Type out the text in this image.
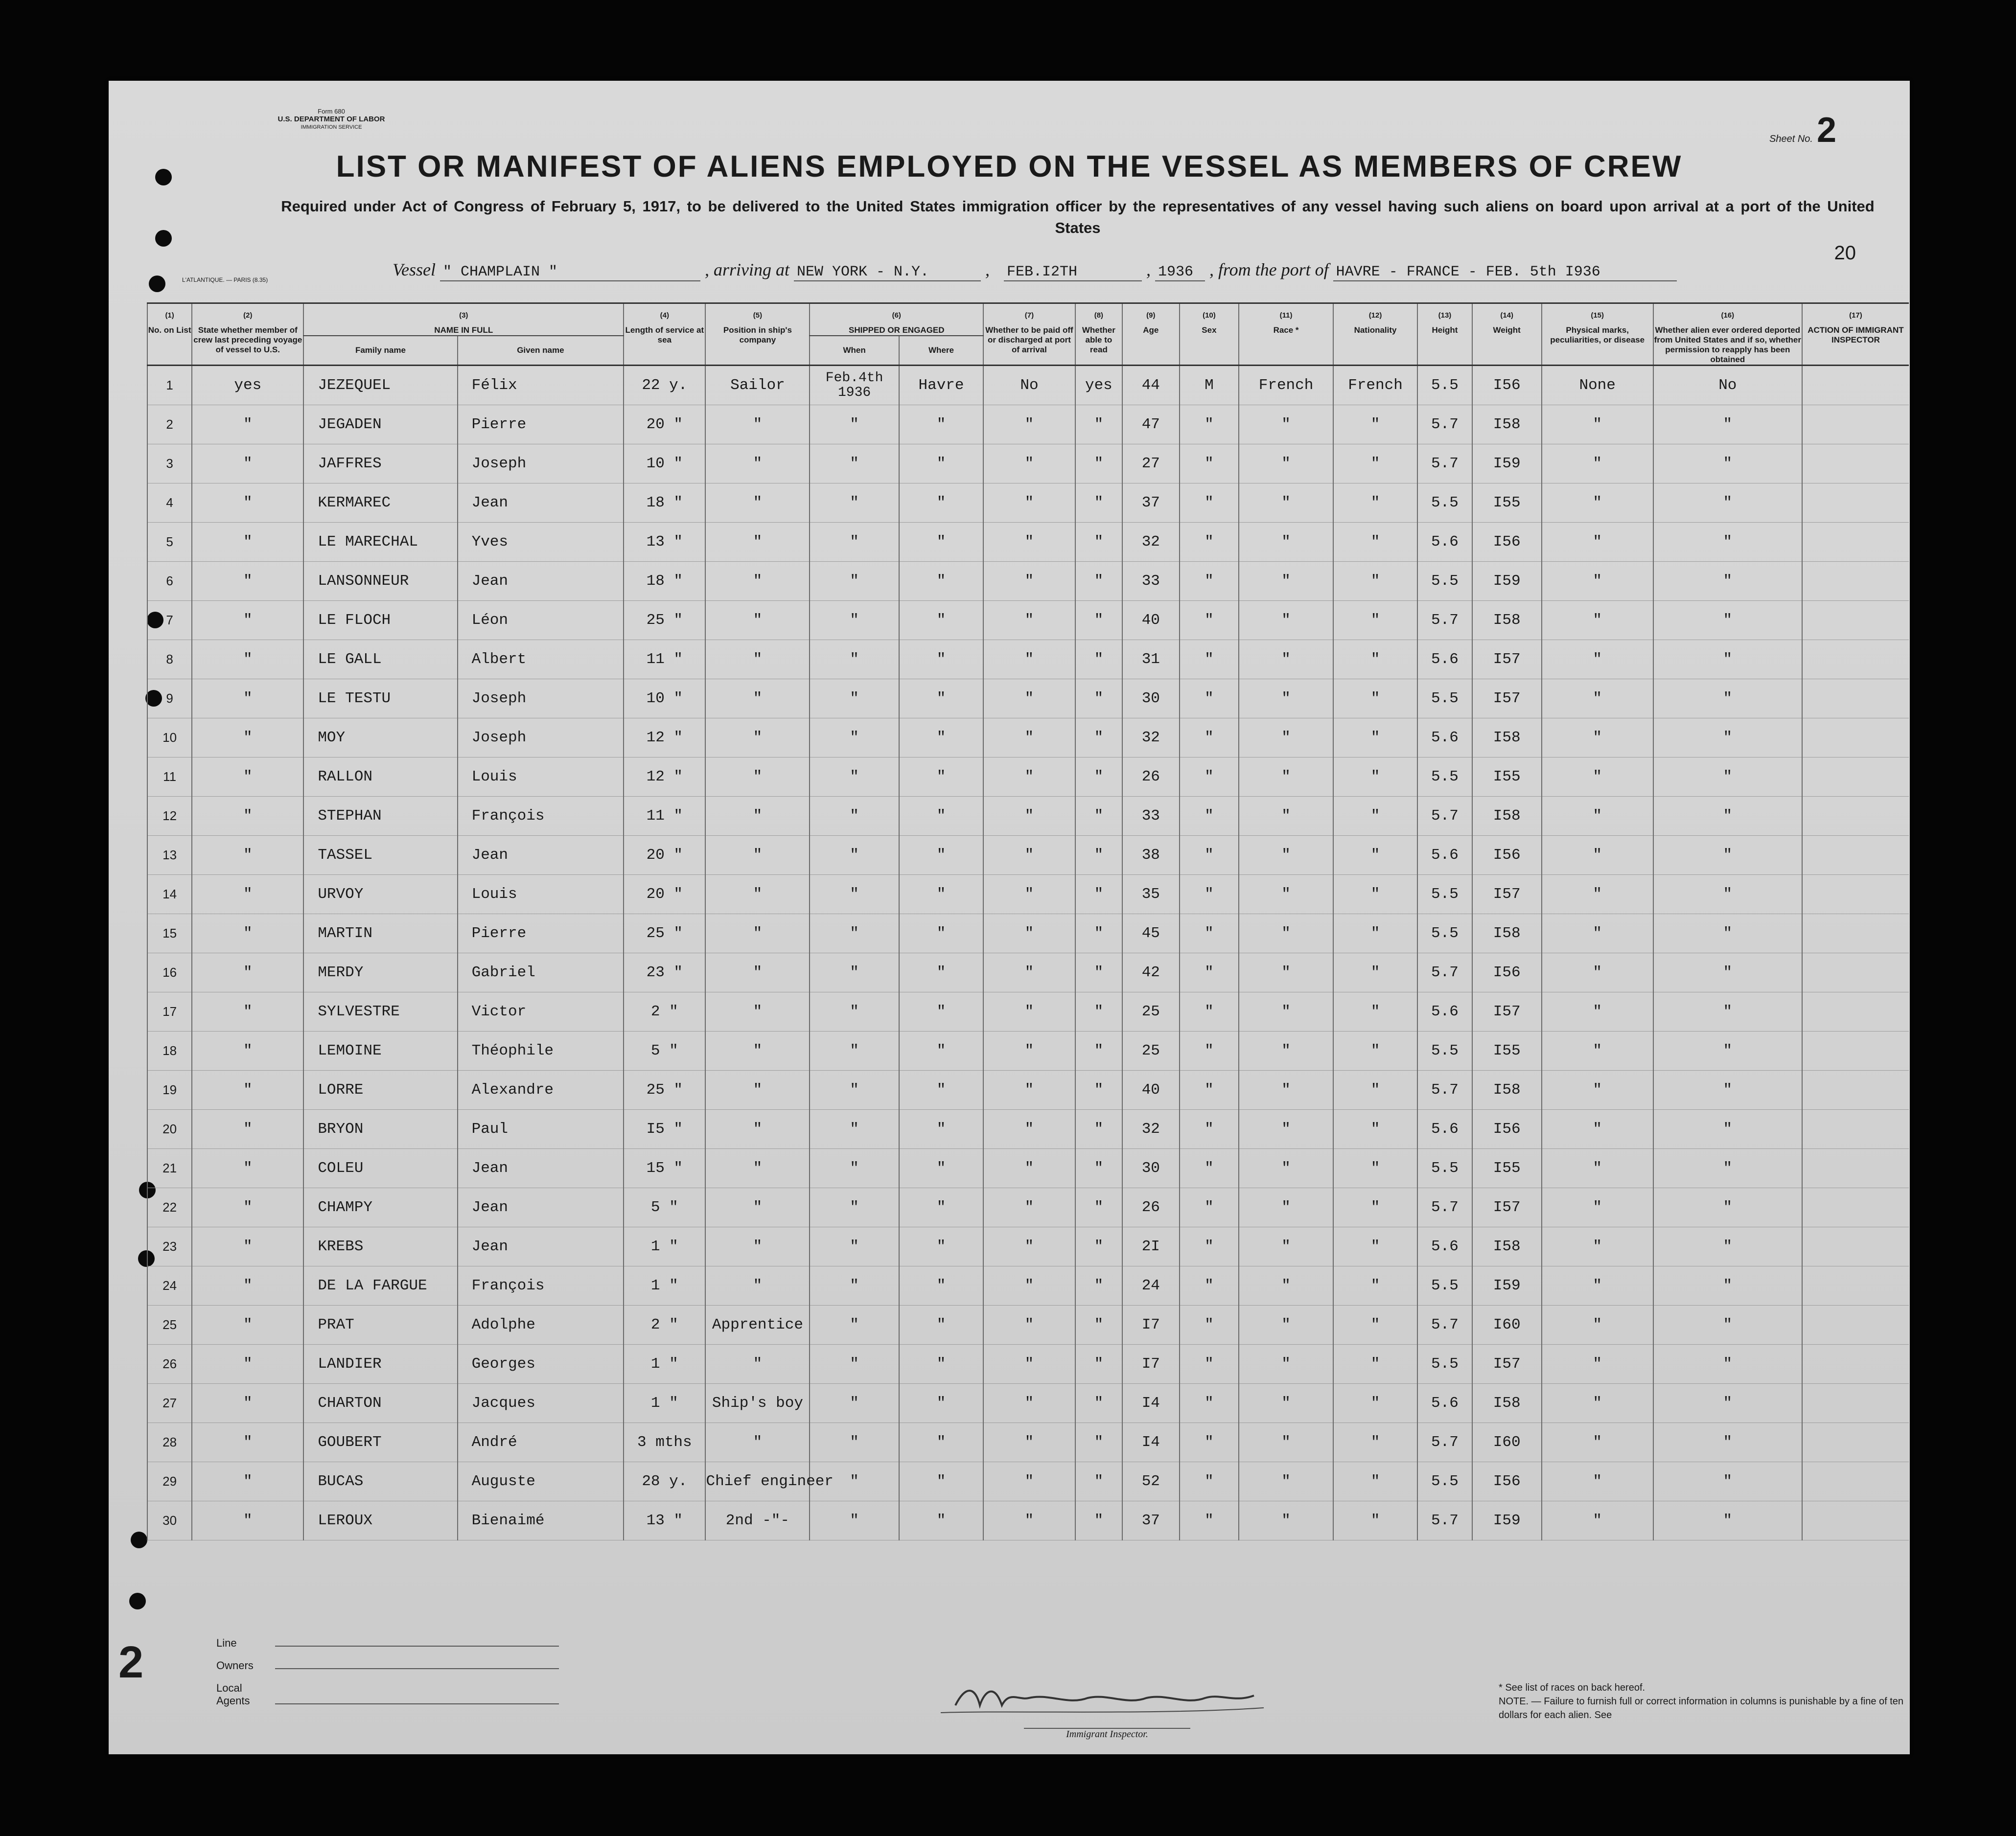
Form 680
U.S. DEPARTMENT OF LABOR
IMMIGRATION SERVICE
Sheet No. 2
LIST OR MANIFEST OF ALIENS EMPLOYED ON THE VESSEL AS MEMBERS OF CREW
Required under Act of Congress of February 5, 1917, to be delivered to the United States immigration officer by the representatives of any vessel having such aliens on board upon arrival at a port of the United States
L'ATLANTIQUE. — PARIS (8.35)
20
Vessel " CHAMPLAIN "	, arriving at NEW YORK - N.Y.	, FEB.I2TH	, 1936 , from the port of HAVRE - FRANCE - FEB. 5th I936
(1)
No. on List	(2)
State whether member of crew last preceding voyage of vessel to U.S.	(3)
NAME IN FULL		(4)
Length of service at sea	(5)
Position in ship's company	(6)
SHIPPED OR ENGAGED		(7)
Whether to be paid off or discharged at port of arrival	(8)
Whether able to read	(9)
Age	(10)
Sex	(11)
Race *	(12)
Nationality	(13)
Height	(14)
Weight	(15)
Physical marks, peculiarities, or disease	(16)
Whether alien ever ordered deported from United States and if so, whether permission to reapply has been obtained	(17)
ACTION OF IMMIGRANT INSPECTOR
		Family name	Given name			When	Where											
1	yes	JEZEQUEL	Félix	22 y.	Sailor	Feb.4th 1936	Havre	No	yes	44	M	French	French	5.5	I56	None	No	
2	"	JEGADEN	Pierre	20 "	"	"	"	"	"	47	"	"	"	5.7	I58	"	"	
3	"	JAFFRES	Joseph	10 "	"	"	"	"	"	27	"	"	"	5.7	I59	"	"	
4	"	KERMAREC	Jean	18 "	"	"	"	"	"	37	"	"	"	5.5	I55	"	"	
5	"	LE MARECHAL	Yves	13 "	"	"	"	"	"	32	"	"	"	5.6	I56	"	"	
6	"	LANSONNEUR	Jean	18 "	"	"	"	"	"	33	"	"	"	5.5	I59	"	"	
7	"	LE FLOCH	Léon	25 "	"	"	"	"	"	40	"	"	"	5.7	I58	"	"	
8	"	LE GALL	Albert	11 "	"	"	"	"	"	31	"	"	"	5.6	I57	"	"	
9	"	LE TESTU	Joseph	10 "	"	"	"	"	"	30	"	"	"	5.5	I57	"	"	
10	"	MOY	Joseph	12 "	"	"	"	"	"	32	"	"	"	5.6	I58	"	"	
11	"	RALLON	Louis	12 "	"	"	"	"	"	26	"	"	"	5.5	I55	"	"	
12	"	STEPHAN	François	11 "	"	"	"	"	"	33	"	"	"	5.7	I58	"	"	
13	"	TASSEL	Jean	20 "	"	"	"	"	"	38	"	"	"	5.6	I56	"	"	
14	"	URVOY	Louis	20 "	"	"	"	"	"	35	"	"	"	5.5	I57	"	"	
15	"	MARTIN	Pierre	25 "	"	"	"	"	"	45	"	"	"	5.5	I58	"	"	
16	"	MERDY	Gabriel	23 "	"	"	"	"	"	42	"	"	"	5.7	I56	"	"	
17	"	SYLVESTRE	Victor	2 "	"	"	"	"	"	25	"	"	"	5.6	I57	"	"	
18	"	LEMOINE	Théophile	5 "	"	"	"	"	"	25	"	"	"	5.5	I55	"	"	
19	"	LORRE	Alexandre	25 "	"	"	"	"	"	40	"	"	"	5.7	I58	"	"	
20	"	BRYON	Paul	I5 "	"	"	"	"	"	32	"	"	"	5.6	I56	"	"	
21	"	COLEU	Jean	15 "	"	"	"	"	"	30	"	"	"	5.5	I55	"	"	
22	"	CHAMPY	Jean	5 "	"	"	"	"	"	26	"	"	"	5.7	I57	"	"	
23	"	KREBS	Jean	1 "	"	"	"	"	"	2I	"	"	"	5.6	I58	"	"	
24	"	DE LA FARGUE	François	1 "	"	"	"	"	"	24	"	"	"	5.5	I59	"	"	
25	"	PRAT	Adolphe	2 "	Apprentice	"	"	"	"	I7	"	"	"	5.7	I60	"	"	
26	"	LANDIER	Georges	1 "	"	"	"	"	"	I7	"	"	"	5.5	I57	"	"	
27	"	CHARTON	Jacques	1 "	Ship's boy	"	"	"	"	I4	"	"	"	5.6	I58	"	"	
28	"	GOUBERT	André	3 mths	"	"	"	"	"	I4	"	"	"	5.7	I60	"	"	
29	"	BUCAS	Auguste	28 y.	Chief engineer	"	"	"	"	52	"	"	"	5.5	I56	"	"	
30	"	LEROUX	Bienaimé	13 "	2nd -"-	"	"	"	"	37	"	"	"	5.7	I59	"	"	
2	Line
Owners
Local Agents
Immigrant Inspector.
* See list of races on back hereof.
NOTE. — Failure to furnish full or correct information in columns is punishable by a fine of ten dollars for each alien. See
